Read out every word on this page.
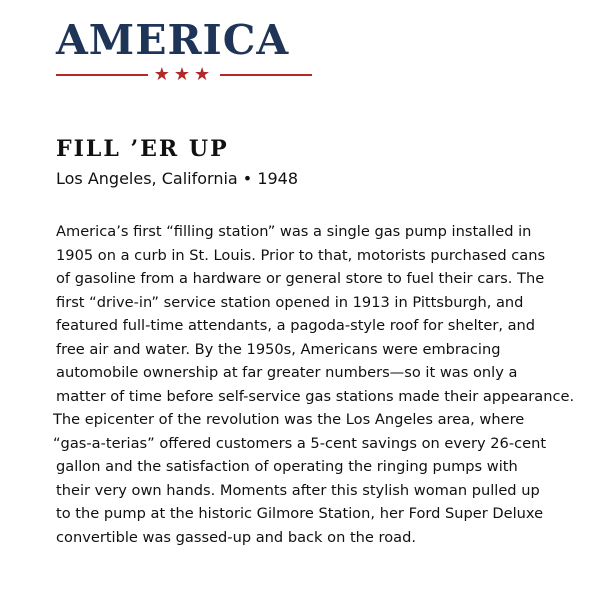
AMERICA
★★★
FILL ’ER UP
Los Angeles, California • 1948
America’s first “filling station” was a single gas pump installed in
1905 on a curb in St. Louis. Prior to that, motorists purchased cans
of gasoline from a hardware or general store to fuel their cars. The
first “drive-in” service station opened in 1913 in Pittsburgh, and
featured full-time attendants, a pagoda-style roof for shelter, and
free air and water. By the 1950s, Americans were embracing
automobile ownership at far greater numbers—so it was only a
matter of time before self-service gas stations made their appearance.
The epicenter of the revolution was the Los Angeles area, where
“gas-a-terias” offered customers a 5-cent savings on every 26-cent
gallon and the satisfaction of operating the ringing pumps with
their very own hands. Moments after this stylish woman pulled up
to the pump at the historic Gilmore Station, her Ford Super Deluxe
convertible was gassed-up and back on the road.
